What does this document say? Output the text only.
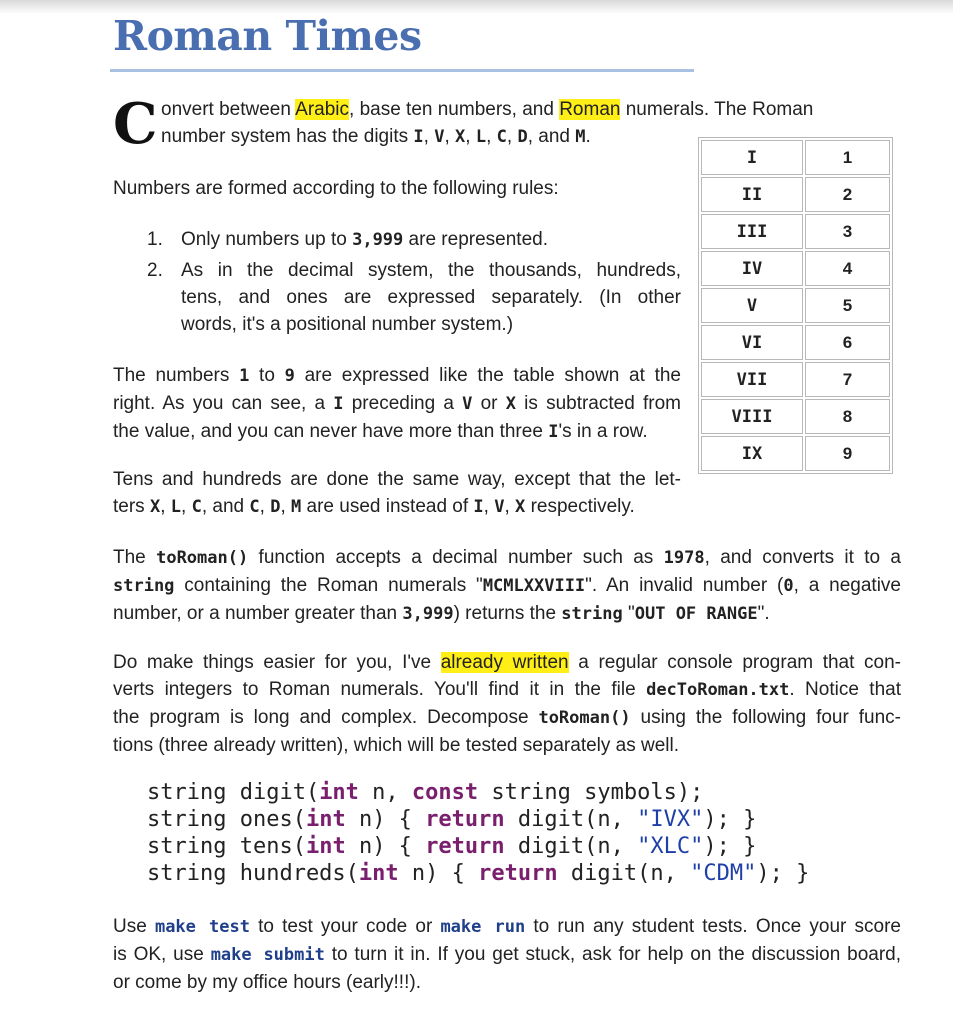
Roman Times
C onvert between Arabic, base ten numbers, and Roman numerals. The Roman
number system has the digits I, V, X, L, C, D, and M.
Numbers are formed according to the following rules:
1. Only numbers up to 3,999 are represented.
2. As in the decimal system, the thousands, hundreds,
tens, and ones are expressed separately. (In other
words, it's a positional number system.)
The numbers 1 to 9 are expressed like the table shown at the
right. As you can see, a I preceding a V or X is subtracted from
the value, and you can never have more than three I's in a row.
Tens and hundreds are done the same way, except that the let-
ters X, L, C, and C, D, M are used instead of I, V, X respectively.
I	1
II	2
III	3
IV	4
V	5
VI	6
VII	7
VIII	8
IX	9
The toRoman() function accepts a decimal number such as 1978, and converts it to a
string containing the Roman numerals "MCMLXXVIII". An invalid number (0, a negative
number, or a number greater than 3,999) returns the string "OUT OF RANGE".
Do make things easier for you, I've already written a regular console program that con-
verts integers to Roman numerals. You'll find it in the file decToRoman.txt. Notice that
the program is long and complex. Decompose toRoman() using the following four func-
tions (three already written), which will be tested separately as well.
string digit(int n, const string symbols);
string ones(int n) { return digit(n, "IVX"); }
string tens(int n) { return digit(n, "XLC"); }
string hundreds(int n) { return digit(n, "CDM"); }
Use make test to test your code or make run to run any student tests. Once your score
is OK, use make submit to turn it in. If you get stuck, ask for help on the discussion board,
or come by my office hours (early!!!).
